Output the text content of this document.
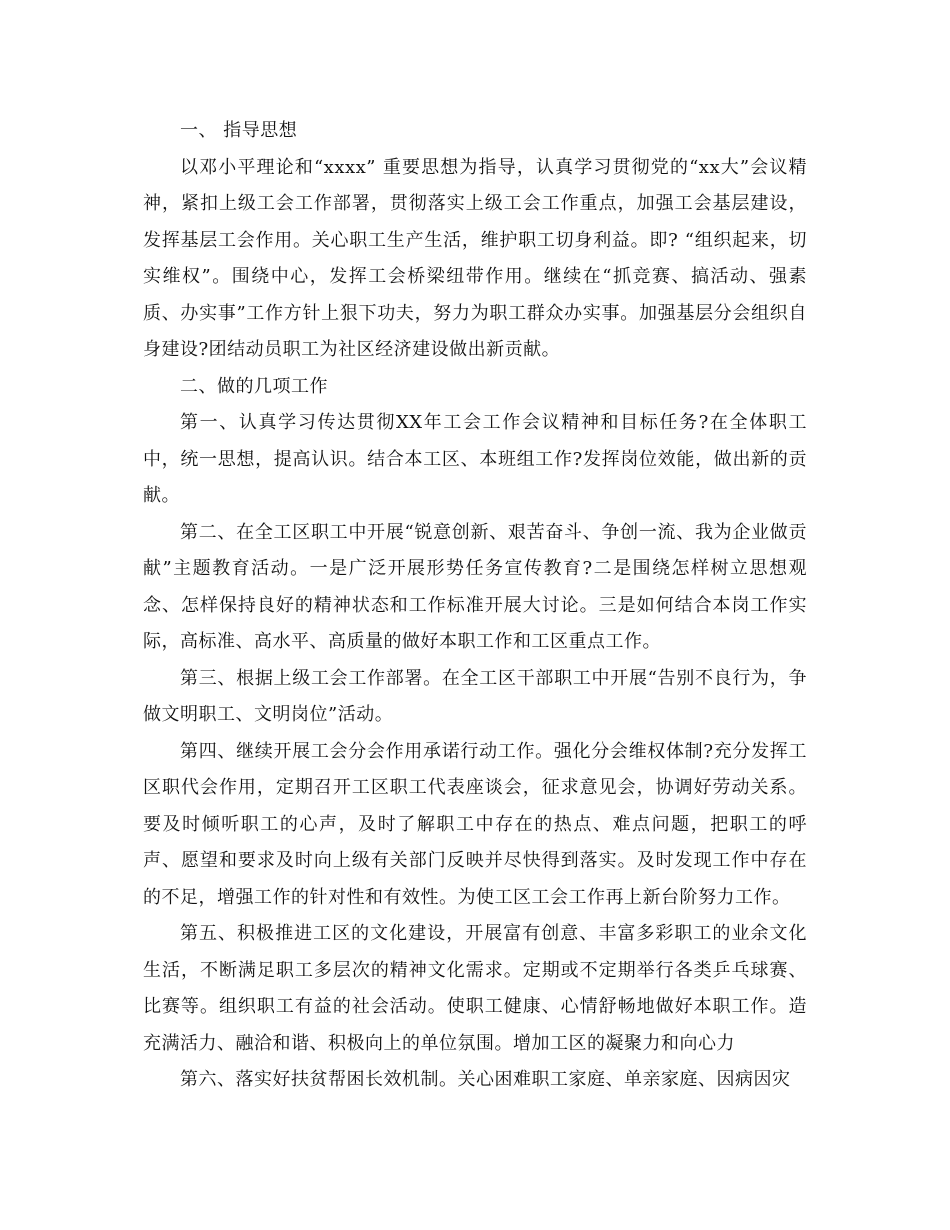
一、 指导思想

以邓小平理论和“xxxx” 重要思想为指导，认真学习贯彻党的“xx大”会议精神，紧扣上级工会工作部署，贯彻落实上级工会工作重点，加强工会基层建设，发挥基层工会作用。关心职工生产生活，维护职工切身利益。即? “组织起来，切实维权”。围绕中心，发挥工会桥梁纽带作用。继续在“抓竞赛、搞活动、强素质、办实事”工作方针上狠下功夫，努力为职工群众办实事。加强基层分会组织自身建设?团结动员职工为社区经济建设做出新贡献。

二、做的几项工作

第一、认真学习传达贯彻XX年工会工作会议精神和目标任务?在全体职工中，统一思想，提高认识。结合本工区、本班组工作?发挥岗位效能，做出新的贡献。

第二、在全工区职工中开展“锐意创新、艰苦奋斗、争创一流、我为企业做贡献”主题教育活动。一是广泛开展形势任务宣传教育?二是围绕怎样树立思想观念、怎样保持良好的精神状态和工作标准开展大讨论。三是如何结合本岗工作实际，高标准、高水平、高质量的做好本职工作和工区重点工作。

第三、根据上级工会工作部署。在全工区干部职工中开展“告别不良行为，争做文明职工、文明岗位”活动。

第四、继续开展工会分会作用承诺行动工作。强化分会维权体制?充分发挥工区职代会作用，定期召开工区职工代表座谈会，征求意见会，协调好劳动关系。要及时倾听职工的心声，及时了解职工中存在的热点、难点问题，把职工的呼声、愿望和要求及时向上级有关部门反映并尽快得到落实。及时发现工作中存在的不足，增强工作的针对性和有效性。为使工区工会工作再上新台阶努力工作。

第五、积极推进工区的文化建设，开展富有创意、丰富多彩职工的业余文化生活，不断满足职工多层次的精神文化需求。定期或不定期举行各类乒乓球赛、比赛等。组织职工有益的社会活动。使职工健康、心情舒畅地做好本职工作。造充满活力、融洽和谐、积极向上的单位氛围。增加工区的凝聚力和向心力

第六、落实好扶贫帮困长效机制。关心困难职工家庭、单亲家庭、因病因灾
